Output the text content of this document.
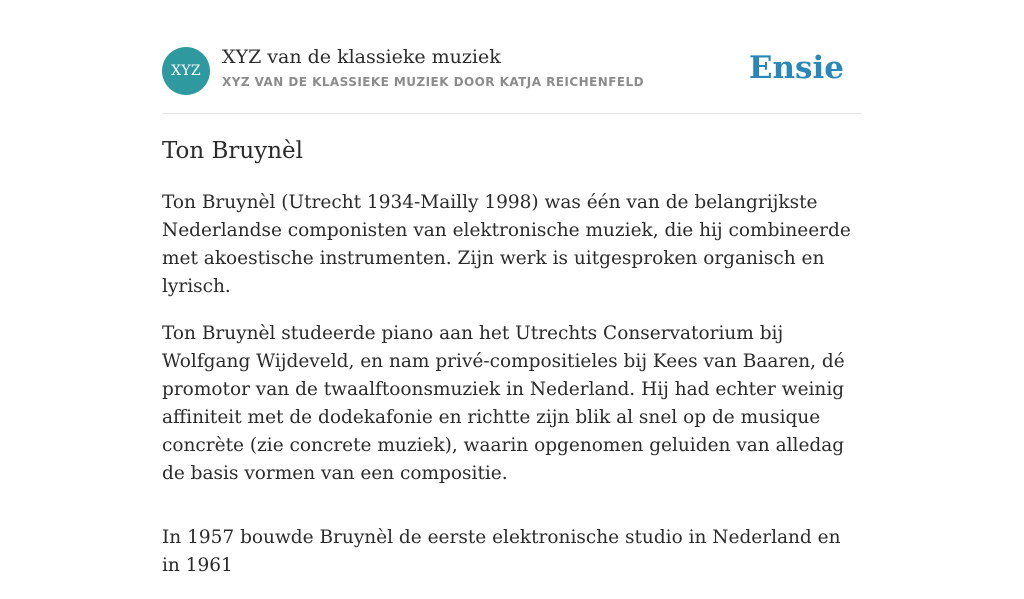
XYZ
XYZ van de klassieke muziek
XYZ VAN DE KLASSIEKE MUZIEK DOOR KATJA REICHENFELD	Ensie
Ton Bruynèl

Ton Bruynèl (Utrecht 1934-Mailly 1998) was één van de belangrijkste Nederlandse componisten van elektronische muziek, die hij combineerde met akoestische instrumenten. Zijn werk is uitgesproken organisch en lyrisch.

Ton Bruynèl studeerde piano aan het Utrechts Conservatorium bij Wolfgang Wijdeveld, en nam privé-compositieles bij Kees van Baaren, dé promotor van de twaalftoonsmuziek in Nederland. Hij had echter weinig affiniteit met de dodekafonie en richtte zijn blik al snel op de musique concrète (zie concrete muziek), waarin opgenomen geluiden van alledag de basis vormen van een compositie.

In 1957 bouwde Bruynèl de eerste elektronische studio in Nederland en in 1961
